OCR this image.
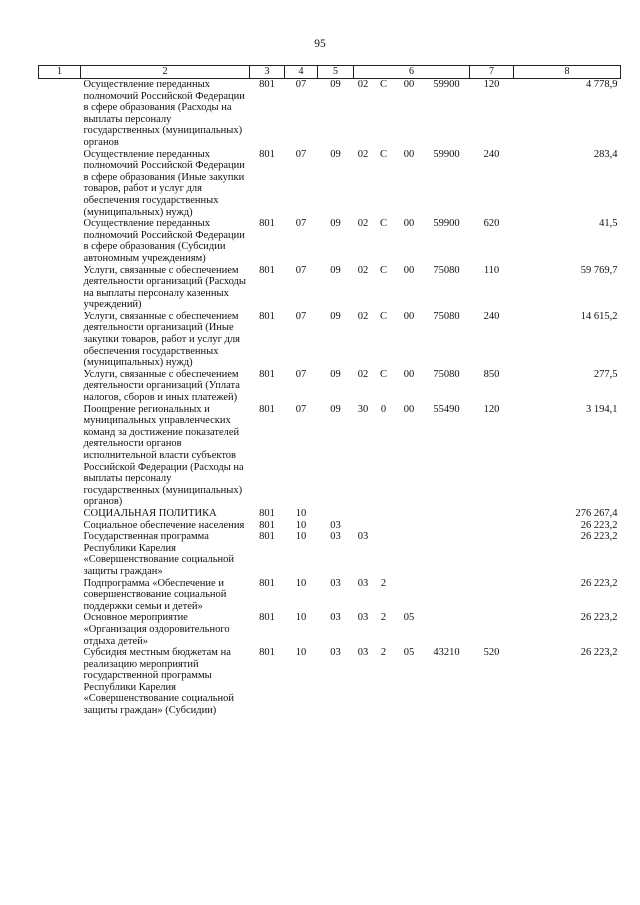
95
1	2	3	4	5	6				7	8
	Осуществление переданных полномочий Российской Федерации в сфере образования (Расходы на выплаты персоналу государственных (муниципальных) органов	801	07	09	02	С	00	59900	120	4 778,9
	Осуществление переданных полномочий Российской Федерации в сфере образования (Иные закупки товаров, работ и услуг для обеспечения государственных (муниципальных) нужд)	801	07	09	02	С	00	59900	240	283,4
	Осуществление переданных полномочий Российской Федерации в сфере образования (Субсидии автономным учреждениям)	801	07	09	02	С	00	59900	620	41,5
	Услуги, связанные с обеспечением деятельности организаций (Расходы на выплаты персоналу казенных учреждений)	801	07	09	02	С	00	75080	110	59 769,7
	Услуги, связанные с обеспечением деятельности организаций (Иные закупки товаров, работ и услуг для обеспечения государственных (муниципальных) нужд)	801	07	09	02	С	00	75080	240	14 615,2
	Услуги, связанные с обеспечением деятельности организаций (Уплата налогов, сборов и иных платежей)	801	07	09	02	С	00	75080	850	277,5
	Поощрение региональных и муниципальных управленческих команд за достижение показателей деятельности органов исполнительной власти субъектов Российской Федерации (Расходы на выплаты персоналу государственных (муниципальных) органов)	801	07	09	30	0	00	55490	120	3 194,1
	СОЦИАЛЬНАЯ ПОЛИТИКА	801	10							276 267,4
	Социальное обеспечение населения	801	10	03						26 223,2
	Государственная программа Республики Карелия «Совершенствование социальной защиты граждан»	801	10	03	03					26 223,2
	Подпрограмма «Обеспечение и совершенствование социальной поддержки семьи и детей»	801	10	03	03	2				26 223,2
	Основное мероприятие «Организация оздоровительного отдыха детей»	801	10	03	03	2	05			26 223,2
	Субсидия местным бюджетам на реализацию мероприятий государственной программы Республики Карелия «Совершенствование социальной защиты граждан» (Субсидии)	801	10	03	03	2	05	43210	520	26 223,2
